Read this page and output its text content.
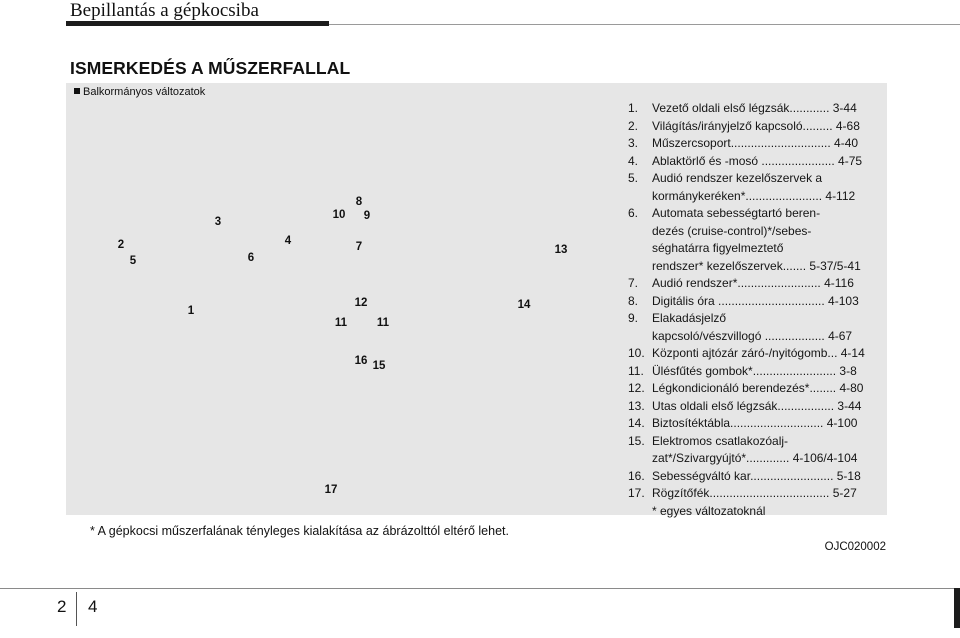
Bepillantás a gépkocsiba
ISMERKEDÉS A MŰSZERFALLAL
Balkormányos változatok
1
2
3
4
5	6
7
8
9
10
11	11
12
13
14
15
16
17
1.	Vezető oldali első légzsák............ 3-44
2.	Világítás/irányjelző kapcsoló......... 4-68
3.	Műszercsoport.............................. 4-40
4.	Ablaktörlő és -mosó ...................... 4-75
5.	Audió rendszer kezelőszervek a
kormánykeréken*....................... 4-112
6.	Automata sebességtartó beren-
dezés (cruise-control)*/sebes-
séghatárra figyelmeztető
rendszer* kezelőszervek....... 5-37/5-41
7.	Audió rendszer*......................... 4-116
8.	Digitális óra ................................ 4-103
9.	Elakadásjelző
kapcsoló/vészvillogó .................. 4-67
10. Központi ajtózár záró-/nyitógomb... 4-14
11. Ülésfűtés gombok*......................... 3-8
12. Légkondicionáló berendezés*........ 4-80
13. Utas oldali első légzsák................. 3-44
14. Biztosítéktábla............................ 4-100
15. Elektromos csatlakozóalj-
zat*/Szivargyújtó*............. 4-106/4-104
16. Sebességváltó kar......................... 5-18
17. Rögzítőfék.................................... 5-27
* egyes változatoknál
* A gépkocsi műszerfalának tényleges kialakítása az ábrázolttól eltérő lehet.
OJC020002
2 4
